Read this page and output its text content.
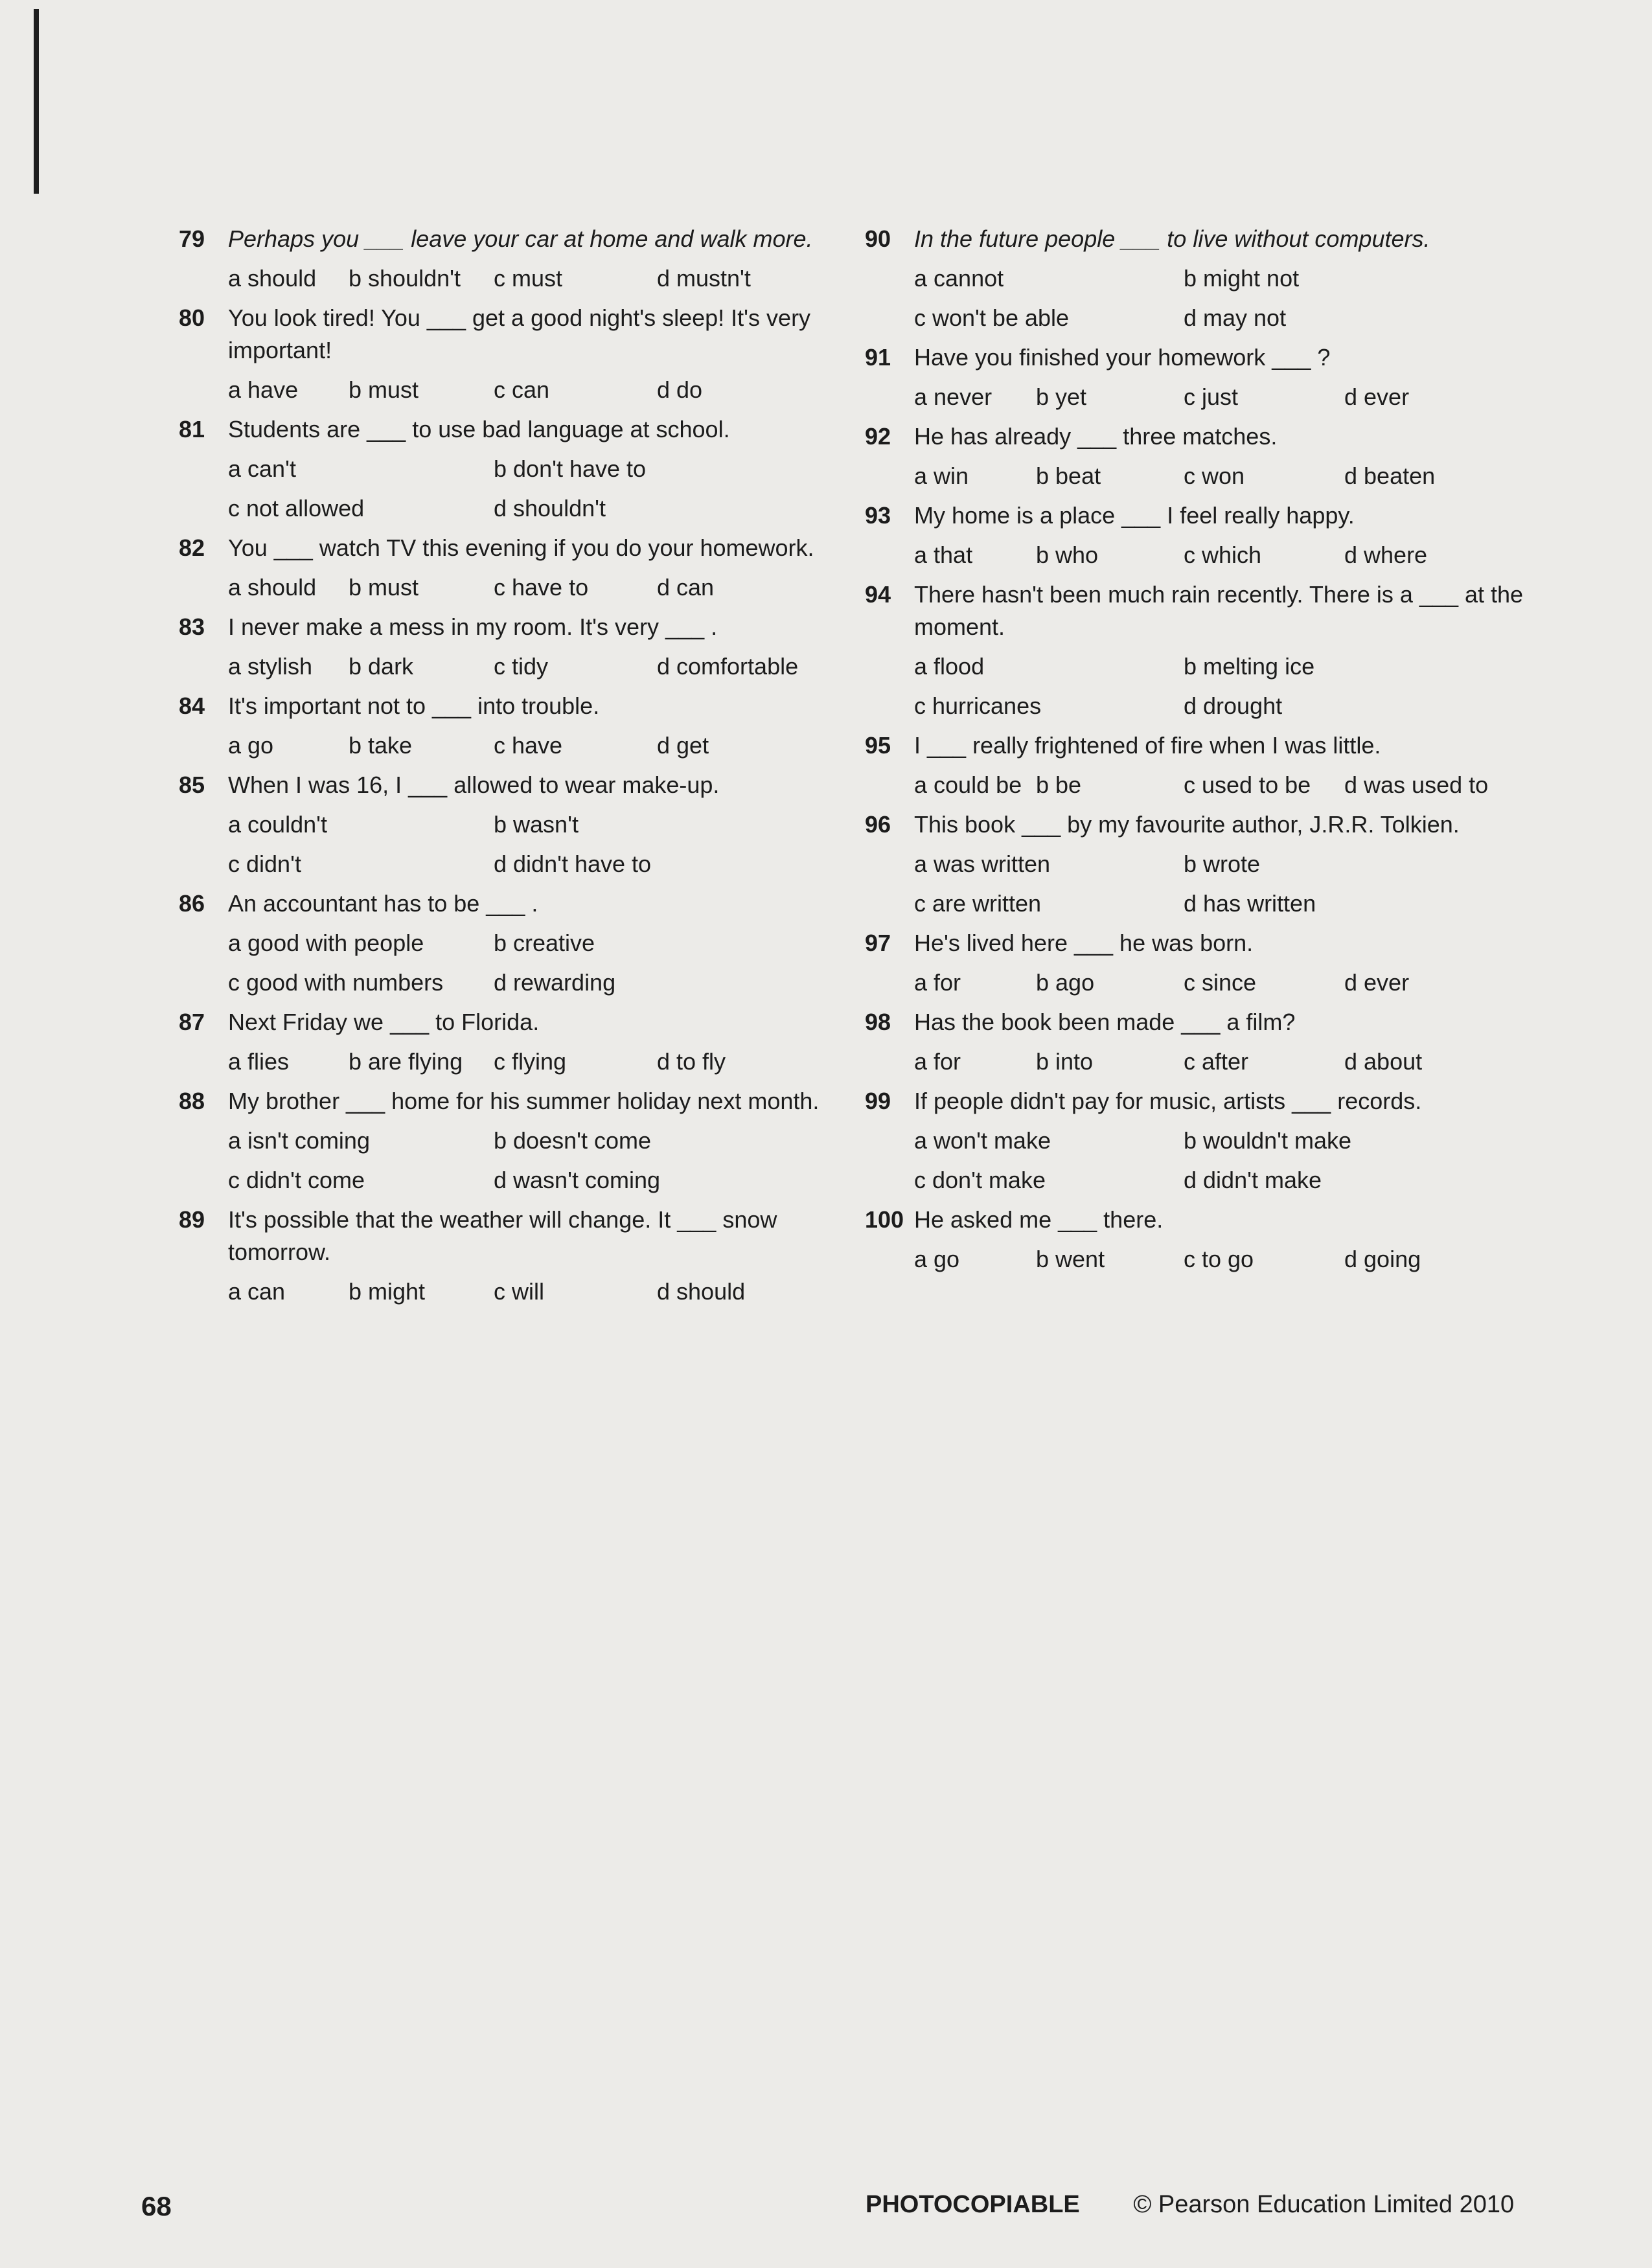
79 Perhaps you ___ leave your car at home and walk more.
a should	b shouldn't	c must	d mustn't
80 You look tired! You ___ get a good night's sleep! It's very important!
a have	b must	c can	d do
81 Students are ___ to use bad language at school.
a can't	b don't have to
c not allowed	d shouldn't
82 You ___ watch TV this evening if you do your homework.
a should	b must	c have to	d can
83 I never make a mess in my room. It's very ___ .
a stylish	b dark	c tidy	d comfortable
84 It's important not to ___ into trouble.
a go	b take	c have	d get
85 When I was 16, I ___ allowed to wear make-up.
a couldn't	b wasn't
c didn't	d didn't have to
86 An accountant has to be ___ .
a good with people	b creative
c good with numbers	d rewarding
87 Next Friday we ___ to Florida.
a flies	b are flying	c flying	d to fly
88 My brother ___ home for his summer holiday next month.
a isn't coming	b doesn't come
c didn't come	d wasn't coming
89 It's possible that the weather will change. It ___ snow tomorrow.
a can	b might	c will	d should
90 In the future people ___ to live without computers.
a cannot	b might not
c won't be able	d may not
91 Have you finished your homework ___ ?
a never	b yet	c just	d ever
92 He has already ___ three matches.
a win	b beat	c won	d beaten
93 My home is a place ___ I feel really happy.
a that	b who	c which	d where
94 There hasn't been much rain recently. There is a ___ at the moment.
a flood	b melting ice
c hurricanes	d drought
95 I ___ really frightened of fire when I was little.
a could be b be	c used to be	d was used to
96 This book ___ by my favourite author, J.R.R. Tolkien.
a was written	b wrote
c are written	d has written
97 He's lived here ___ he was born.
a for	b ago	c since	d ever
98 Has the book been made ___ a film?
a for	b into	c after	d about
99 If people didn't pay for music, artists ___ records.
a won't make	b wouldn't make
c don't make	d didn't make
100 He asked me ___ there.
a go	b went	c to go	d going
68	PHOTOCOPIABLE © Pearson Education Limited 2010
